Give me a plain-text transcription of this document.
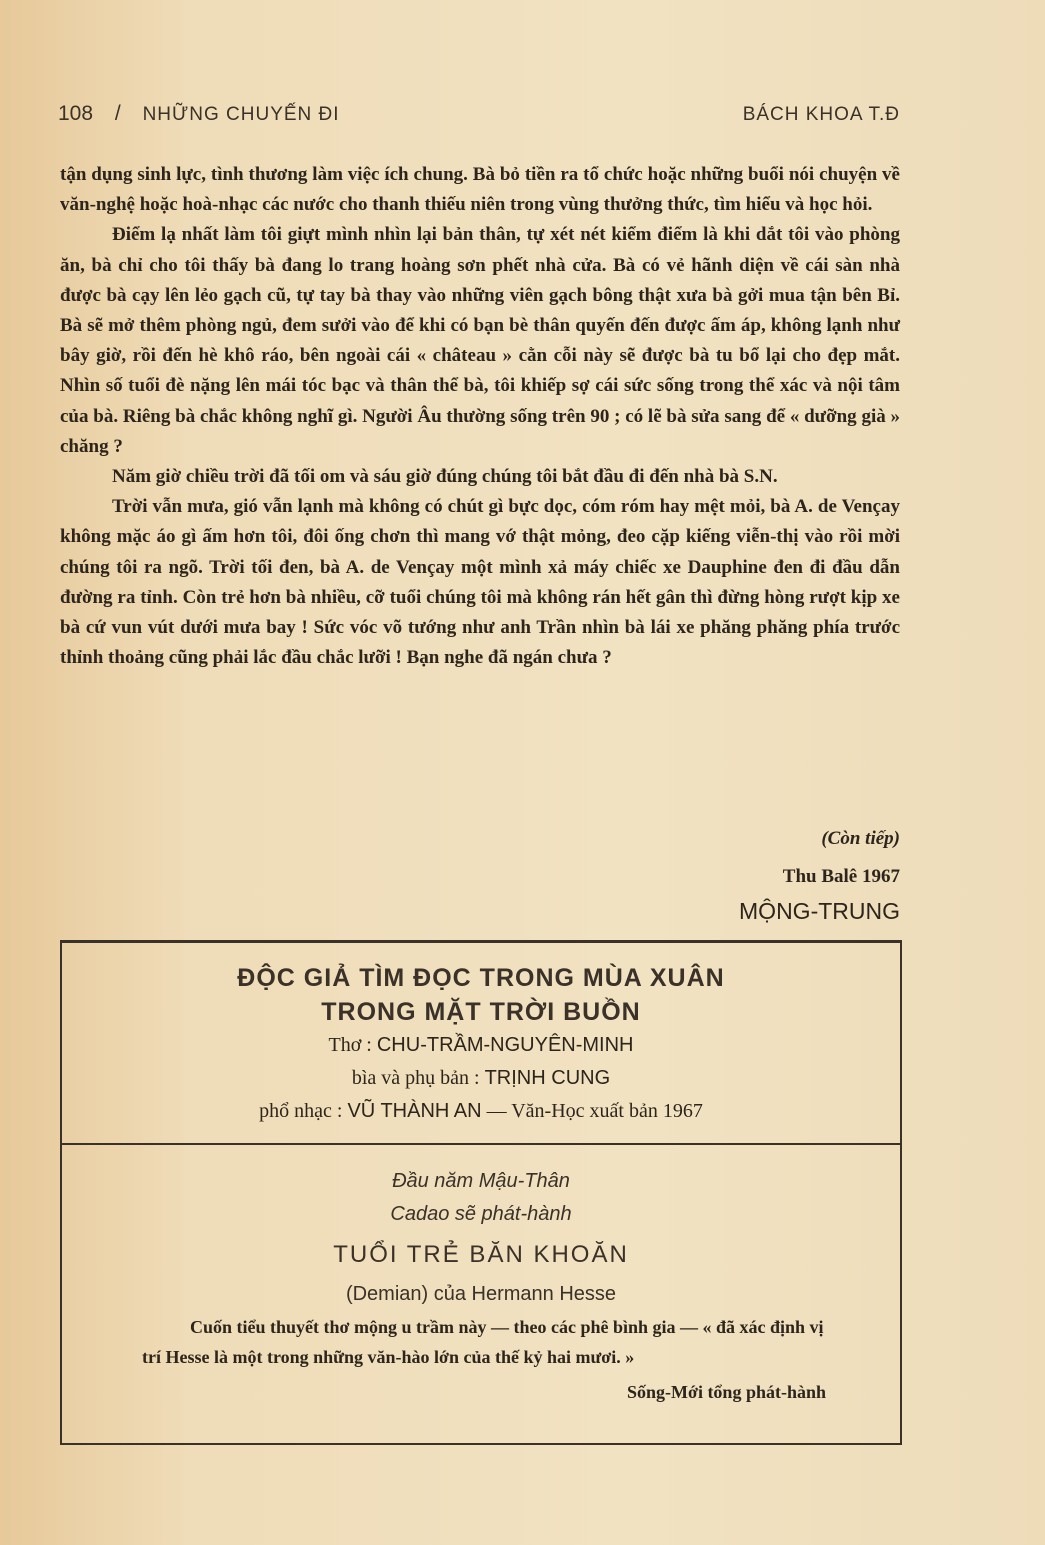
108 / NHỮNG CHUYẾN ĐI	BÁCH KHOA T.Đ

tận dụng sinh lực, tình thương làm việc ích chung. Bà bỏ tiền ra tổ chức hoặc những buổi nói chuyện về văn-nghệ hoặc hoà-nhạc các nước cho thanh thiếu niên trong vùng thưởng thức, tìm hiểu và học hỏi.

Điểm lạ nhất làm tôi giựt mình nhìn lại bản thân, tự xét nét kiểm điểm là khi dắt tôi vào phòng ăn, bà chỉ cho tôi thấy bà đang lo trang hoàng sơn phết nhà cửa. Bà có vẻ hãnh diện về cái sàn nhà được bà cạy lên lẻo gạch cũ, tự tay bà thay vào những viên gạch bông thật xưa bà gởi mua tận bên Bỉ. Bà sẽ mở thêm phòng ngủ, đem sưởi vào để khi có bạn bè thân quyến đến được ấm áp, không lạnh như bây giờ, rồi đến hè khô ráo, bên ngoài cái « château » cằn cỗi này sẽ được bà tu bổ lại cho đẹp mắt. Nhìn số tuổi đè nặng lên mái tóc bạc và thân thể bà, tôi khiếp sợ cái sức sống trong thể xác và nội tâm của bà. Riêng bà chắc không nghĩ gì. Người Âu thường sống trên 90 ; có lẽ bà sửa sang để « dưỡng già » chăng ?

Năm giờ chiều trời đã tối om và sáu giờ đúng chúng tôi bắt đầu đi đến nhà bà S.N.

Trời vẫn mưa, gió vẫn lạnh mà không có chút gì bực dọc, cóm róm hay mệt mỏi, bà A. de Vençay không mặc áo gì ấm hơn tôi, đôi ống chơn thì mang vớ thật mỏng, đeo cặp kiếng viễn-thị vào rồi mời chúng tôi ra ngõ. Trời tối đen, bà A. de Vençay một mình xả máy chiếc xe Dauphine đen đi đầu dẫn đường ra tỉnh. Còn trẻ hơn bà nhiều, cỡ tuổi chúng tôi mà không rán hết gân thì đừng hòng rượt kịp xe bà cứ vun vút dưới mưa bay ! Sức vóc võ tướng như anh Trần nhìn bà lái xe phăng phăng phía trước thỉnh thoảng cũng phải lắc đầu chắc lưỡi ! Bạn nghe đã ngán chưa ?

(Còn tiếp)
Thu Balê 1967
MỘNG-TRUNG
ĐỘC GIẢ TÌM ĐỌC TRONG MÙA XUÂN
TRONG MẶT TRỜI BUỒN
Thơ : CHU-TRẦM-NGUYÊN-MINH
bìa và phụ bản : TRỊNH CUNG
phổ nhạc : VŨ THÀNH AN — Văn-Học xuất bản 1967
Đầu năm Mậu-Thân
Cadao sẽ phát-hành
TUỔI TRẺ BĂN KHOĂN
(Demian) của Hermann Hesse
Cuốn tiểu thuyết thơ mộng u trầm này — theo các phê bình gia — « đã xác định vị trí Hesse là một trong những văn-hào lớn của thế kỷ hai mươi. »
Sống-Mới tổng phát-hành
